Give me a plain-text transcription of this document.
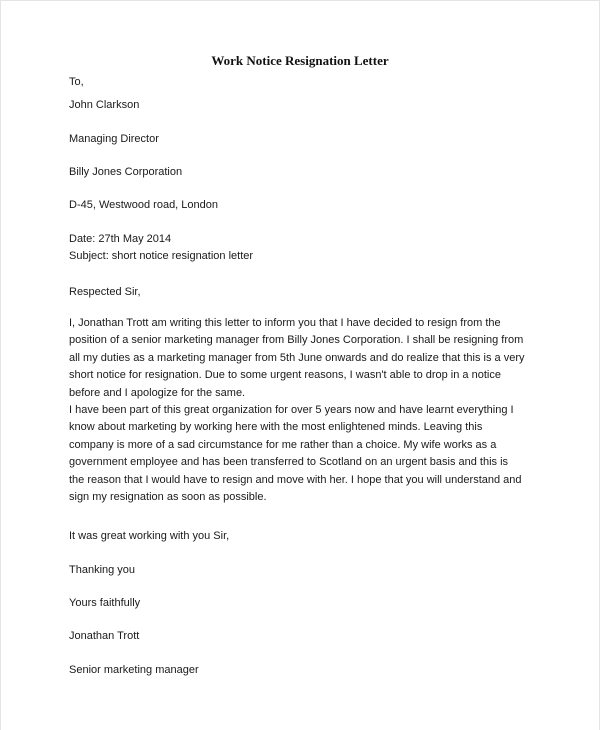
Work Notice Resignation Letter

To,

John Clarkson

Managing Director

Billy Jones Corporation

D-45, Westwood road, London

Date: 27th May 2014

Subject: short notice resignation letter

Respected Sir,

I, Jonathan Trott am writing this letter to inform you that I have decided to resign from the
position of a senior marketing manager from Billy Jones Corporation. I shall be resigning from
all my duties as a marketing manager from 5th June onwards and do realize that this is a very
short notice for resignation. Due to some urgent reasons, I wasn't able to drop in a notice
before and I apologize for the same.
I have been part of this great organization for over 5 years now and have learnt everything I
know about marketing by working here with the most enlightened minds. Leaving this
company is more of a sad circumstance for me rather than a choice. My wife works as a
government employee and has been transferred to Scotland on an urgent basis and this is
the reason that I would have to resign and move with her. I hope that you will understand and
sign my resignation as soon as possible.

It was great working with you Sir,

Thanking you

Yours faithfully

Jonathan Trott

Senior marketing manager
